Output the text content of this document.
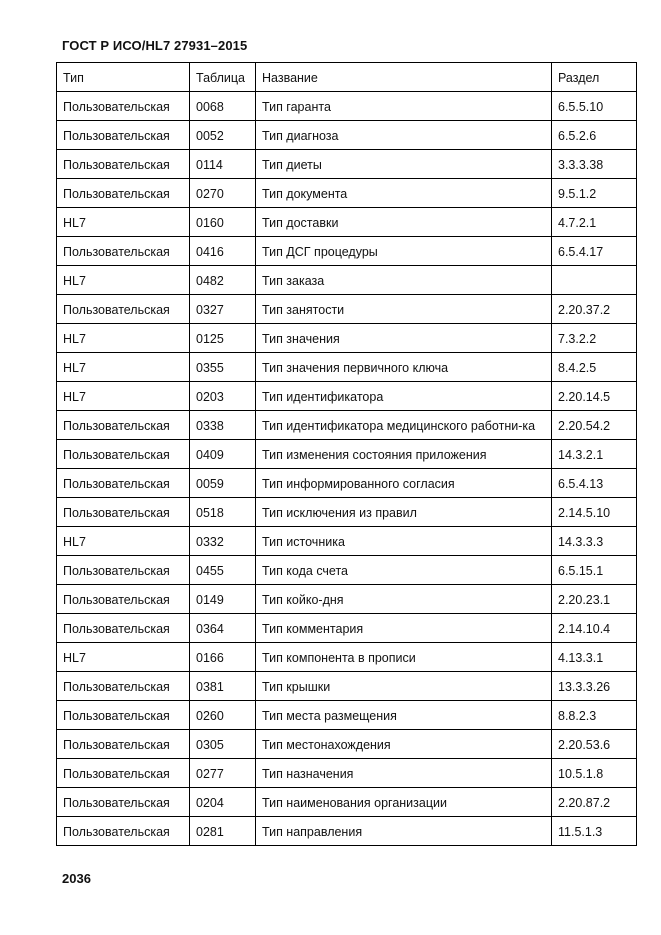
ГОСТ Р ИСО/HL7 27931–2015
Тип	Таблица	Название	Раздел
Пользовательская	0068	Тип гаранта	6.5.5.10
Пользовательская	0052	Тип диагноза	6.5.2.6
Пользовательская	0114	Тип диеты	3.3.3.38
Пользовательская	0270	Тип документа	9.5.1.2
HL7	0160	Тип доставки	4.7.2.1
Пользовательская	0416	Тип ДСГ процедуры	6.5.4.17
HL7	0482	Тип заказа	
Пользовательская	0327	Тип занятости	2.20.37.2
HL7	0125	Тип значения	7.3.2.2
HL7	0355	Тип значения первичного ключа	8.4.2.5
HL7	0203	Тип идентификатора	2.20.14.5
Пользовательская	0338	Тип идентификатора медицинского работни-ка	2.20.54.2
Пользовательская	0409	Тип изменения состояния приложения	14.3.2.1
Пользовательская	0059	Тип информированного согласия	6.5.4.13
Пользовательская	0518	Тип исключения из правил	2.14.5.10
HL7	0332	Тип источника	14.3.3.3
Пользовательская	0455	Тип кода счета	6.5.15.1
Пользовательская	0149	Тип койко-дня	2.20.23.1
Пользовательская	0364	Тип комментария	2.14.10.4
HL7	0166	Тип компонента в прописи	4.13.3.1
Пользовательская	0381	Тип крышки	13.3.3.26
Пользовательская	0260	Тип места размещения	8.8.2.3
Пользовательская	0305	Тип местонахождения	2.20.53.6
Пользовательская	0277	Тип назначения	10.5.1.8
Пользовательская	0204	Тип наименования организации	2.20.87.2
Пользовательская	0281	Тип направления	11.5.1.3
2036
